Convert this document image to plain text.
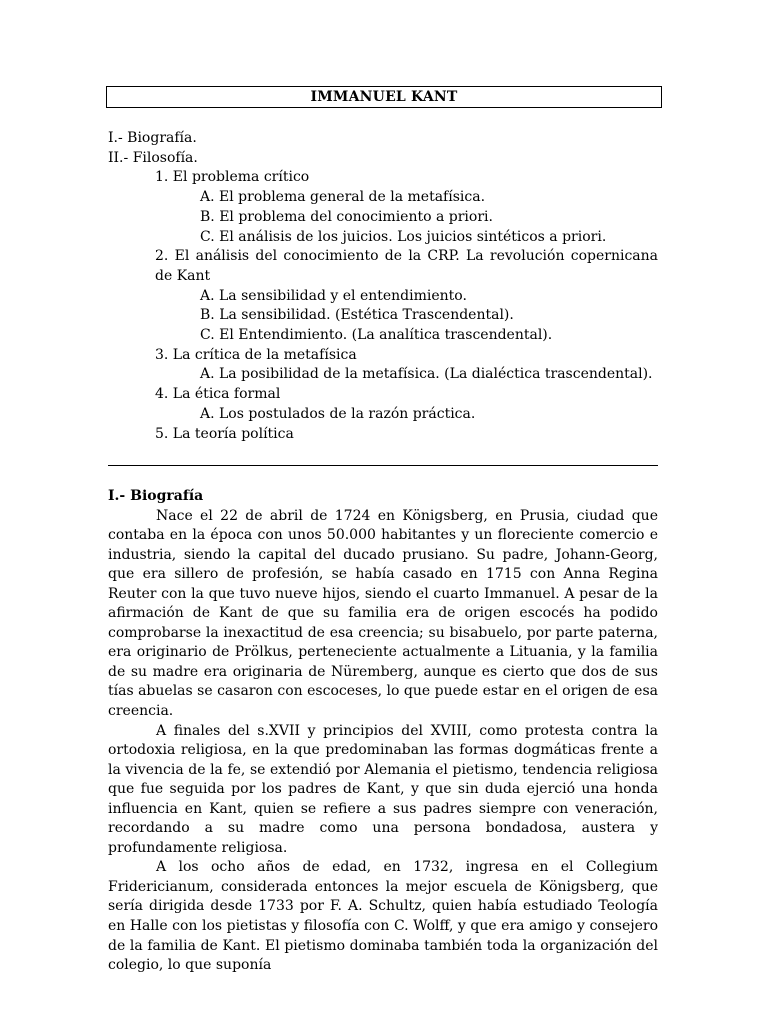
IMMANUEL KANT
I.- Biografía.
II.- Filosofía.
1. El problema crítico
A. El problema general de la metafísica.
B. El problema del conocimiento a priori.
C. El análisis de los juicios. Los juicios sintéticos a priori.
2. El análisis del conocimiento de la CRP. La revolución copernicana de Kant
A. La sensibilidad y el entendimiento.
B. La sensibilidad. (Estética Trascendental).
C. El Entendimiento. (La analítica trascendental).
3. La crítica de la metafísica
A. La posibilidad de la metafísica. (La dialéctica trascendental).
4. La ética formal
A. Los postulados de la razón práctica.
5. La teoría política
I.- Biografía

Nace el 22 de abril de 1724 en Königsberg, en Prusia, ciudad que contaba en la época con unos 50.000 habitantes y un floreciente comercio e industria, siendo la capital del ducado prusiano. Su padre, Johann-Georg, que era sillero de profesión, se había casado en 1715 con Anna Regina Reuter con la que tuvo nueve hijos, siendo el cuarto Immanuel. A pesar de la afirmación de Kant de que su familia era de origen escocés ha podido comprobarse la inexactitud de esa creencia; su bisabuelo, por parte paterna, era originario de Prölkus, perteneciente actualmente a Lituania, y la familia de su madre era originaria de Nüremberg, aunque es cierto que dos de sus tías abuelas se casaron con escoceses, lo que puede estar en el origen de esa creencia.

A finales del s.XVII y principios del XVIII, como protesta contra la ortodoxia religiosa, en la que predominaban las formas dogmáticas frente a la vivencia de la fe, se extendió por Alemania el pietismo, tendencia religiosa que fue seguida por los padres de Kant, y que sin duda ejerció una honda influencia en Kant, quien se refiere a sus padres siempre con veneración, recordando a su madre como una persona bondadosa, austera y profundamente religiosa.

A los ocho años de edad, en 1732, ingresa en el Collegium Fridericianum, considerada entonces la mejor escuela de Königsberg, que sería dirigida desde 1733 por F. A. Schultz, quien había estudiado Teología en Halle con los pietistas y filosofía con C. Wolff, y que era amigo y consejero de la familia de Kant. El pietismo dominaba también toda la organización del colegio, lo que suponía
